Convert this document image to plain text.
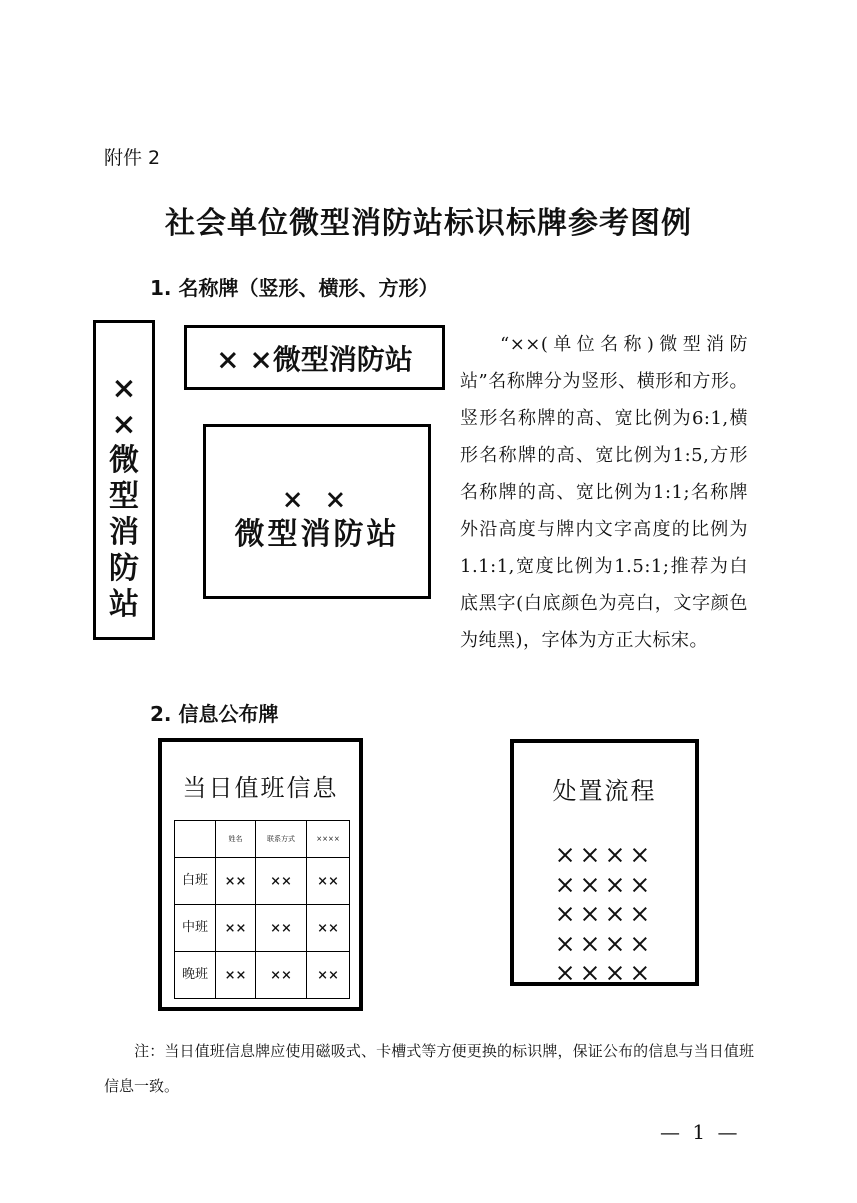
附件 2
社会单位微型消防站标识标牌参考图例
1. 名称牌（竖形、横形、方形）
×
×
微
型
消
防
站
× ×微型消防站
× ×
微型消防站
“××(单位名称)微型消防站”名称牌分为竖形、横形和方形。竖形名称牌的高、宽比例为6:1,横形名称牌的高、宽比例为1:5,方形名称牌的高、宽比例为1:1;名称牌外沿高度与牌内文字高度的比例为1.1:1,宽度比例为1.5:1;推荐为白底黑字(白底颜色为亮白，文字颜色为纯黑)，字体为方正大标宋。
2. 信息公布牌
当日值班信息
	姓名	联系方式	××××
白班	××	××	××
中班	××	××	××
晚班	××	××	××
处置流程
××××
××××
××××
××××
××××
注：当日值班信息牌应使用磁吸式、卡槽式等方便更换的标识牌，保证公布的信息与当日值班信息一致。
— 1 —
